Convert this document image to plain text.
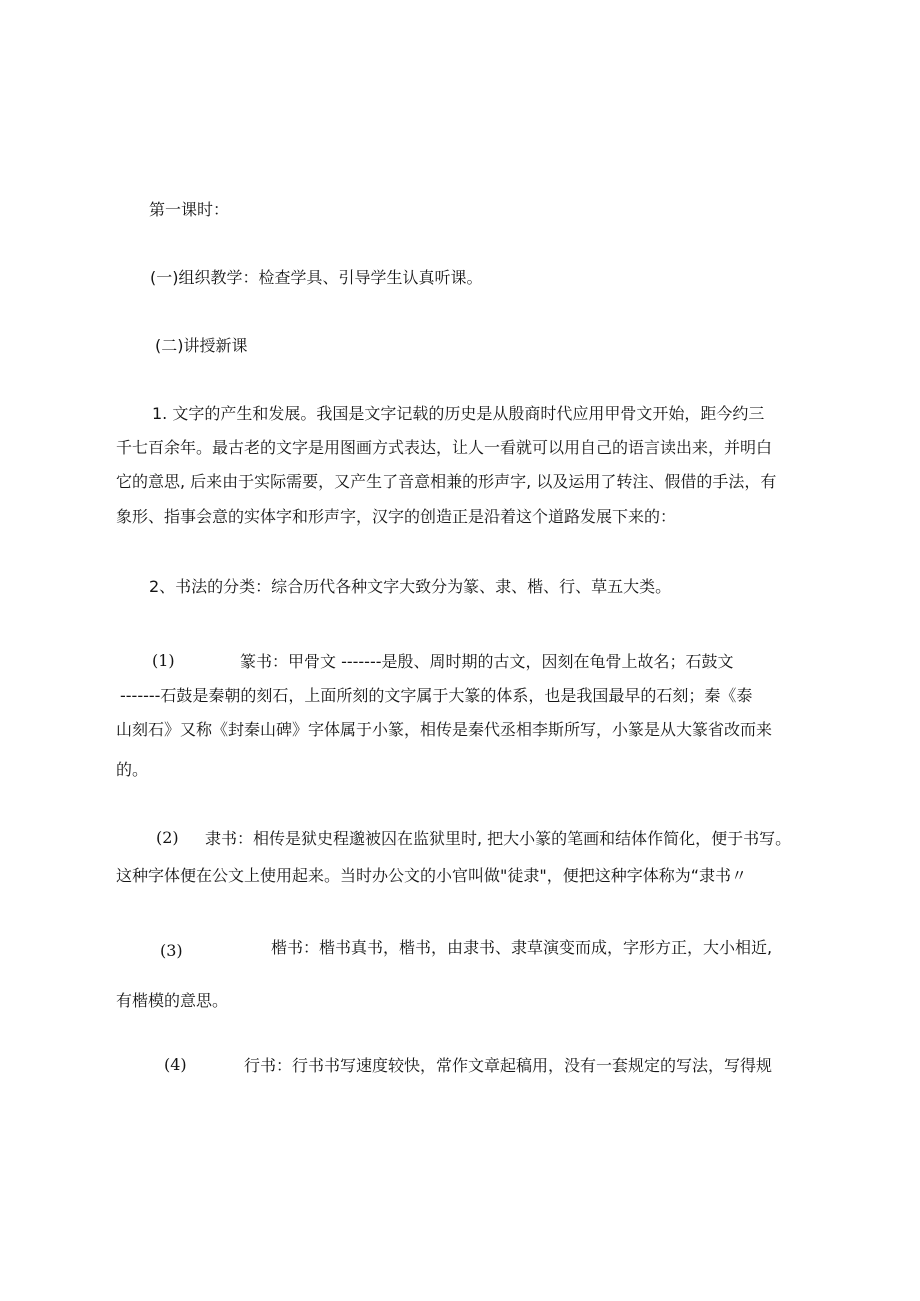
第一课时：
(一)组织教学：检查学具、引导学生认真听课。
(二)讲授新课
1. 文字的产生和发展。我国是文字记载的历史是从殷商时代应用甲骨文开始，距今约三
千七百余年。最古老的文字是用图画方式表达，让人一看就可以用自己的语言读出来，并明白
它的意思, 后来由于实际需要，又产生了音意相兼的形声字, 以及运用了转注、假借的手法，有
象形、指事会意的实体字和形声字，汉字的创造正是沿着这个道路发展下来的：
2、书法的分类：综合历代各种文字大致分为篆、隶、楷、行、草五大类。
(1)	篆书：甲骨文 -------是殷、周时期的古文，因刻在龟骨上故名；石鼓文
-------石鼓是秦朝的刻石，上面所刻的文字属于大篆的体系，也是我国最早的石刻；秦《泰
山刻石》又称《封秦山碑》字体属于小篆，相传是秦代丞相李斯所写，小篆是从大篆省改而来
的。
(2) 隶书：相传是狱史程邈被囚在监狱里时, 把大小篆的笔画和结体作简化，便于书写。
这种字体便在公文上使用起来。当时办公文的小官叫做"徒隶"，便把这种字体称为“隶书〃
(3)	楷书：楷书真书，楷书，由隶书、隶草演变而成，字形方正，大小相近,
有楷模的意思。
(4)	行书：行书书写速度较快，常作文章起稿用，没有一套规定的写法，写得规
